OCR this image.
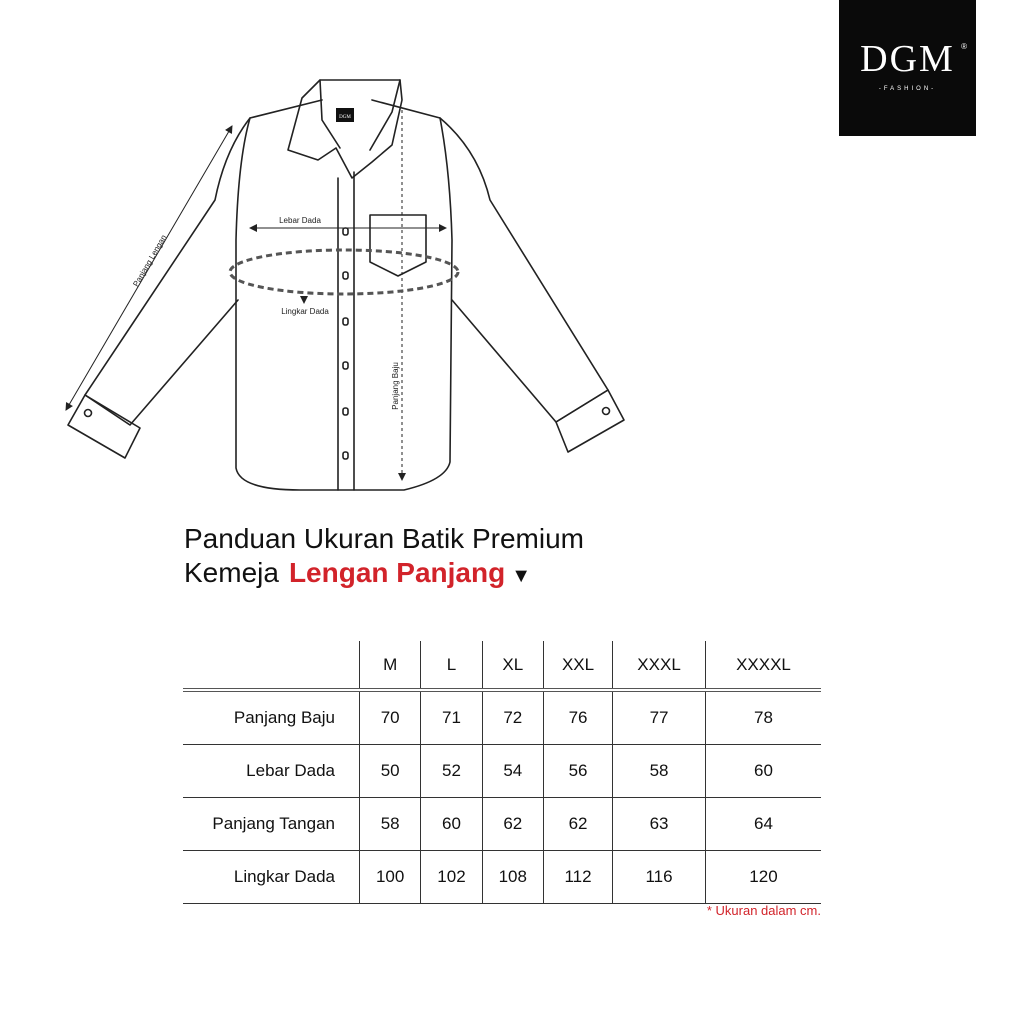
DGM ®
-FASHION-
DGM
Lebar Dada
Lingkar Dada
Panjang Lengan
Panjang Baju
Panduan Ukuran Batik Premium
Kemeja Lengan Panjang ▼
	M	L	XL	XXL	XXXL	XXXXL
Panjang Baju	70	71	72	76	77	78
Lebar Dada	50	52	54	56	58	60
Panjang Tangan	58	60	62	62	63	64
Lingkar Dada	100	102	108	112	116	120
* Ukuran dalam cm.
